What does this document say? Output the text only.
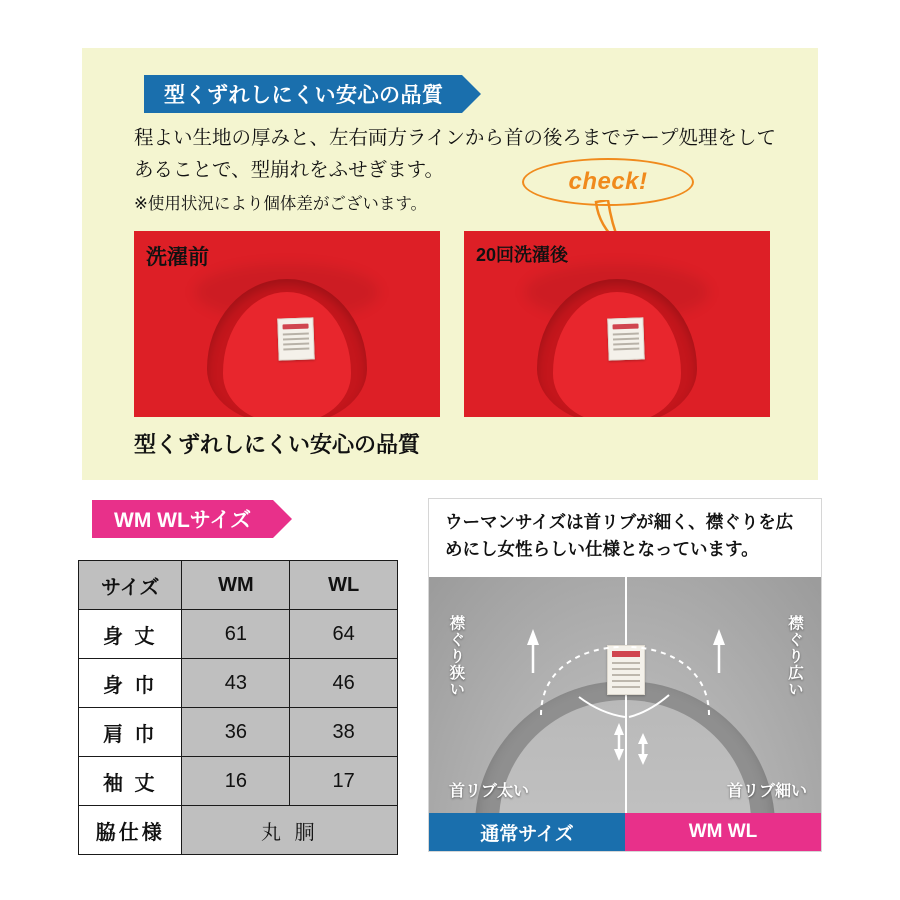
型くずれしにくい安心の品質
程よい生地の厚みと、左右両方ラインから首の後ろまでテープ処理をしてあることで、型崩れをふせぎます。
※使用状況により個体差がございます。
check!
洗濯前	20回洗濯後
型くずれしにくい安心の品質
WM WLサイズ
サイズ	WM	WL
身 丈	61	64
身 巾	43	46
肩 巾	36	38
袖 丈	16	17
脇仕様	丸 胴	
ウーマンサイズは首リブが細く、襟ぐりを広めにし女性らしい仕様となっています。
襟ぐり狭い	襟ぐり広い
首リブ太い	首リブ細い
通常サイズ	WM WL
